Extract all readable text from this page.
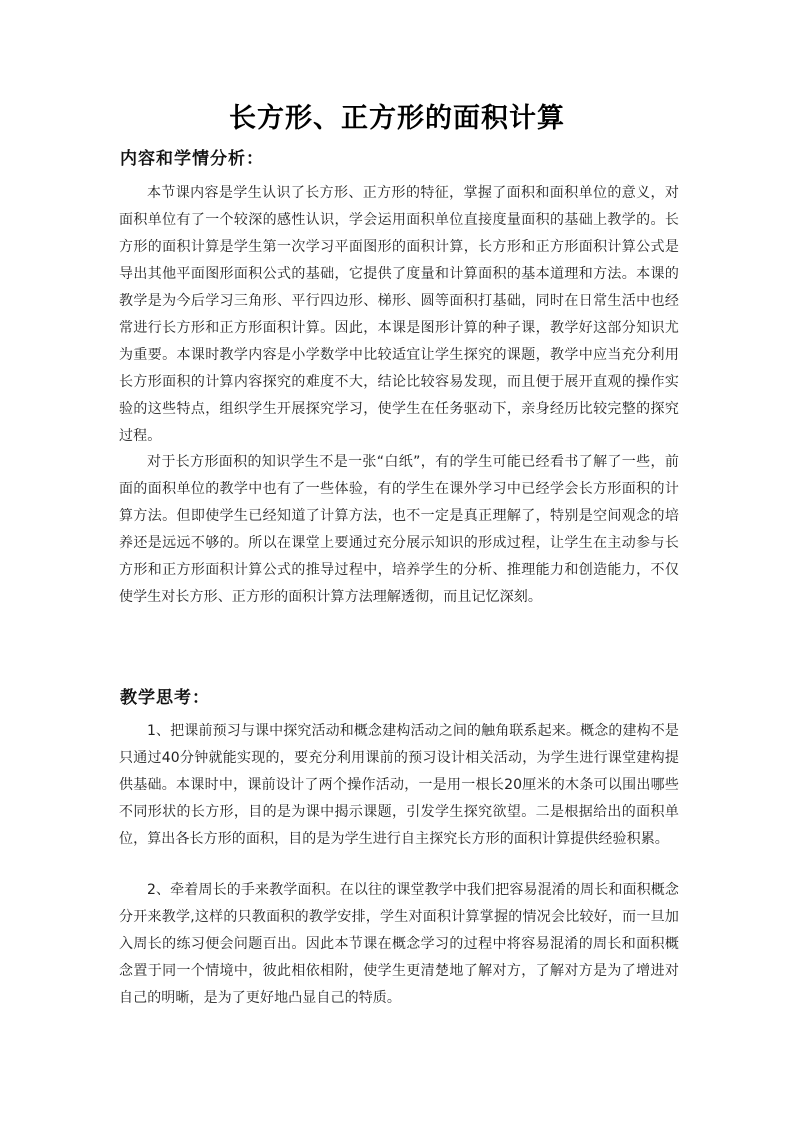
长方形、正方形的面积计算
内容和学情分析：

本节课内容是学生认识了长方形、正方形的特征，掌握了面积和面积单位的意义，对面积单位有了一个较深的感性认识，学会运用面积单位直接度量面积的基础上教学的。长方形的面积计算是学生第一次学习平面图形的面积计算，长方形和正方形面积计算公式是导出其他平面图形面积公式的基础，它提供了度量和计算面积的基本道理和方法。本课的教学是为今后学习三角形、平行四边形、梯形、圆等面积打基础，同时在日常生活中也经常进行长方形和正方形面积计算。因此，本课是图形计算的种子课，教学好这部分知识尤为重要。本课时教学内容是小学数学中比较适宜让学生探究的课题，教学中应当充分利用长方形面积的计算内容探究的难度不大，结论比较容易发现，而且便于展开直观的操作实验的这些特点，组织学生开展探究学习，使学生在任务驱动下，亲身经历比较完整的探究过程。

对于长方形面积的知识学生不是一张“白纸”，有的学生可能已经看书了解了一些，前面的面积单位的教学中也有了一些体验，有的学生在课外学习中已经学会长方形面积的计算方法。但即使学生已经知道了计算方法，也不一定是真正理解了，特别是空间观念的培养还是远远不够的。所以在课堂上要通过充分展示知识的形成过程，让学生在主动参与长方形和正方形面积计算公式的推导过程中，培养学生的分析、推理能力和创造能力，不仅使学生对长方形、正方形的面积计算方法理解透彻，而且记忆深刻。

教学思考：

1、把课前预习与课中探究活动和概念建构活动之间的触角联系起来。概念的建构不是只通过40分钟就能实现的，要充分利用课前的预习设计相关活动，为学生进行课堂建构提供基础。本课时中，课前设计了两个操作活动，一是用一根长20厘米的木条可以围出哪些不同形状的长方形，目的是为课中揭示课题，引发学生探究欲望。二是根据给出的面积单位，算出各长方形的面积，目的是为学生进行自主探究长方形的面积计算提供经验积累。

2、牵着周长的手来教学面积。在以往的课堂教学中我们把容易混淆的周长和面积概念分开来教学,这样的只教面积的教学安排，学生对面积计算掌握的情况会比较好，而一旦加入周长的练习便会问题百出。因此本节课在概念学习的过程中将容易混淆的周长和面积概念置于同一个情境中，彼此相依相附，使学生更清楚地了解对方，了解对方是为了增进对自己的明晰，是为了更好地凸显自己的特质。
